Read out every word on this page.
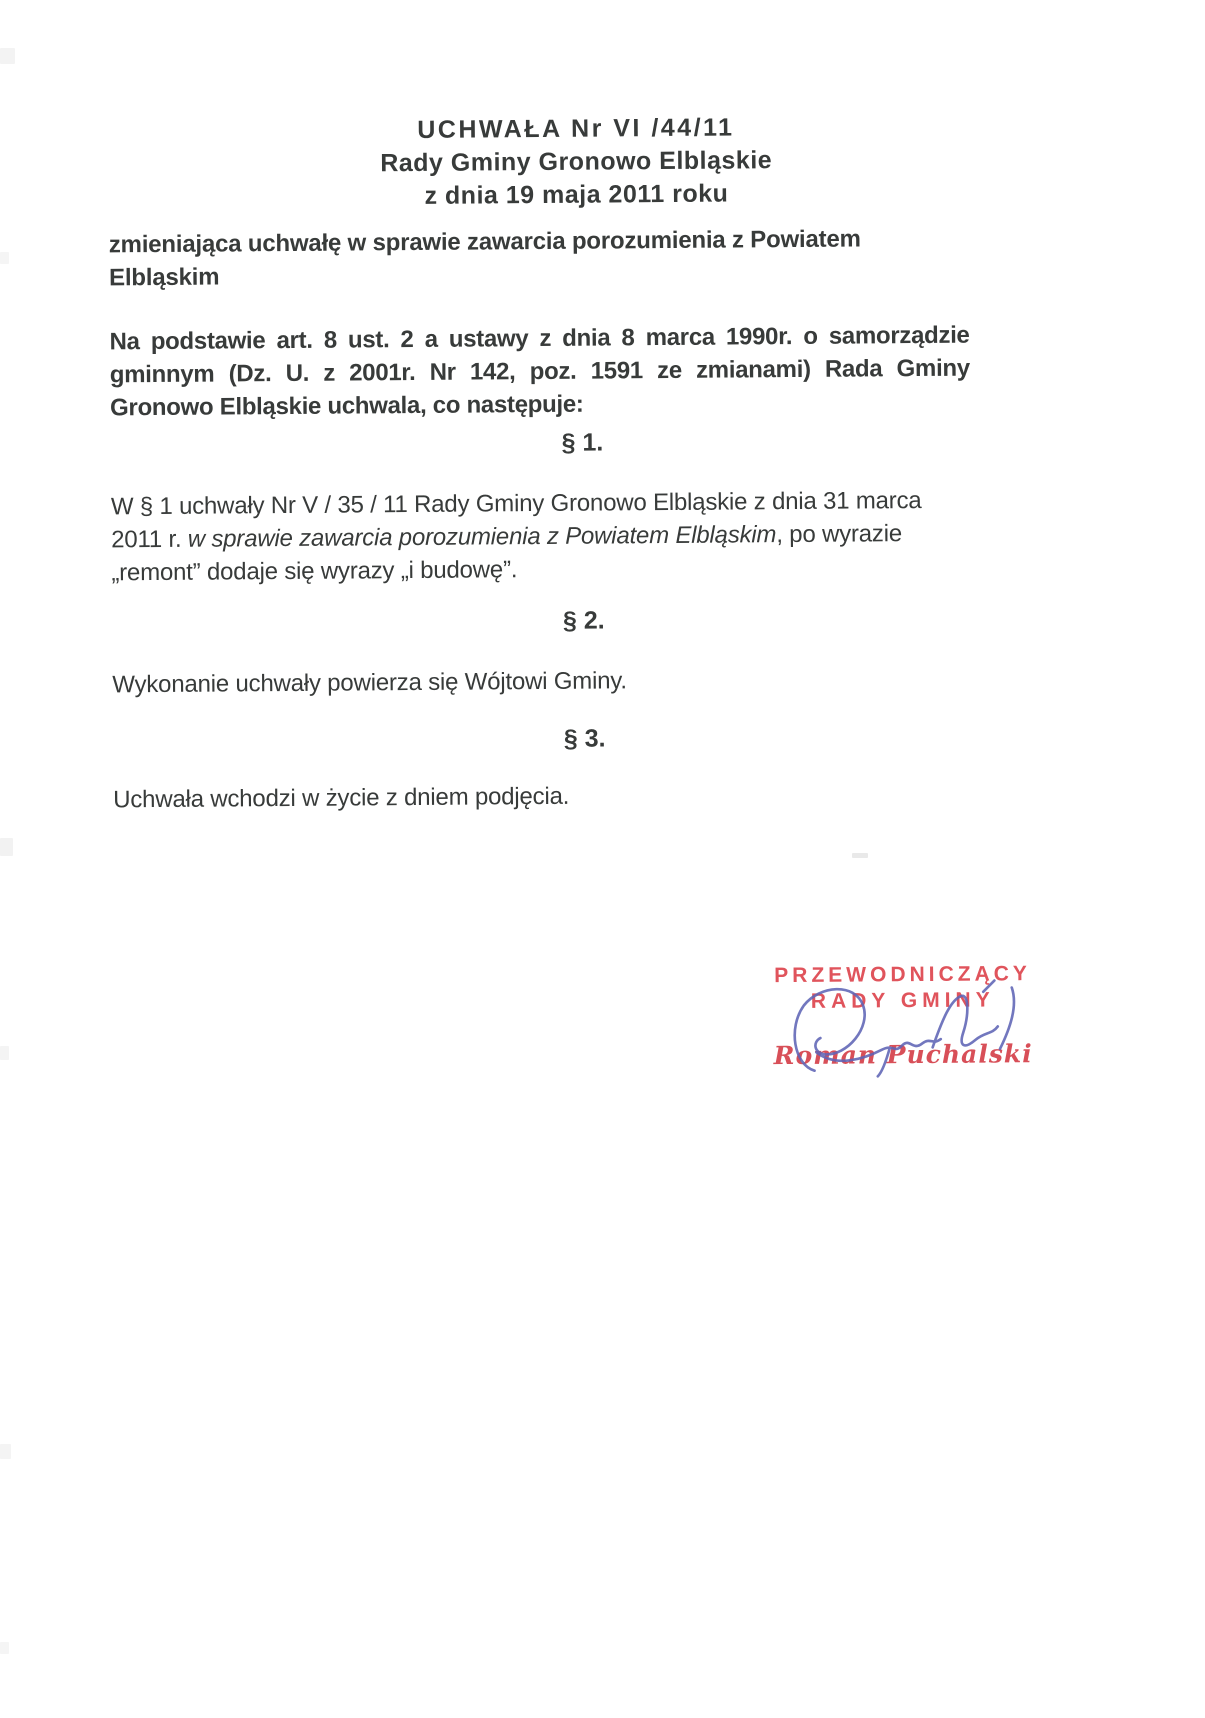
UCHWAŁA Nr VI /44/11
Rady Gminy Gronowo Elbląskie
z dnia 19 maja 2011 roku
zmieniająca uchwałę w sprawie zawarcia porozumienia z Powiatem Elbląskim
Na podstawie art. 8 ust. 2 a ustawy z dnia 8 marca 1990r. o samorządzie gminnym (Dz. U. z 2001r. Nr 142, poz. 1591 ze zmianami) Rada Gminy Gronowo Elbląskie uchwala, co następuje:
§ 1.
W § 1 uchwały Nr V / 35 / 11 Rady Gminy Gronowo Elbląskie z dnia 31 marca 2011 r. w sprawie zawarcia porozumienia z Powiatem Elbląskim, po wyrazie „remont” dodaje się wyrazy „i budowę”.
§ 2.
Wykonanie uchwały powierza się Wójtowi Gminy.
§ 3.
Uchwała wchodzi w życie z dniem podjęcia.
PRZEWODNICZĄCY
RADY GMINY
Roman Puchalski
